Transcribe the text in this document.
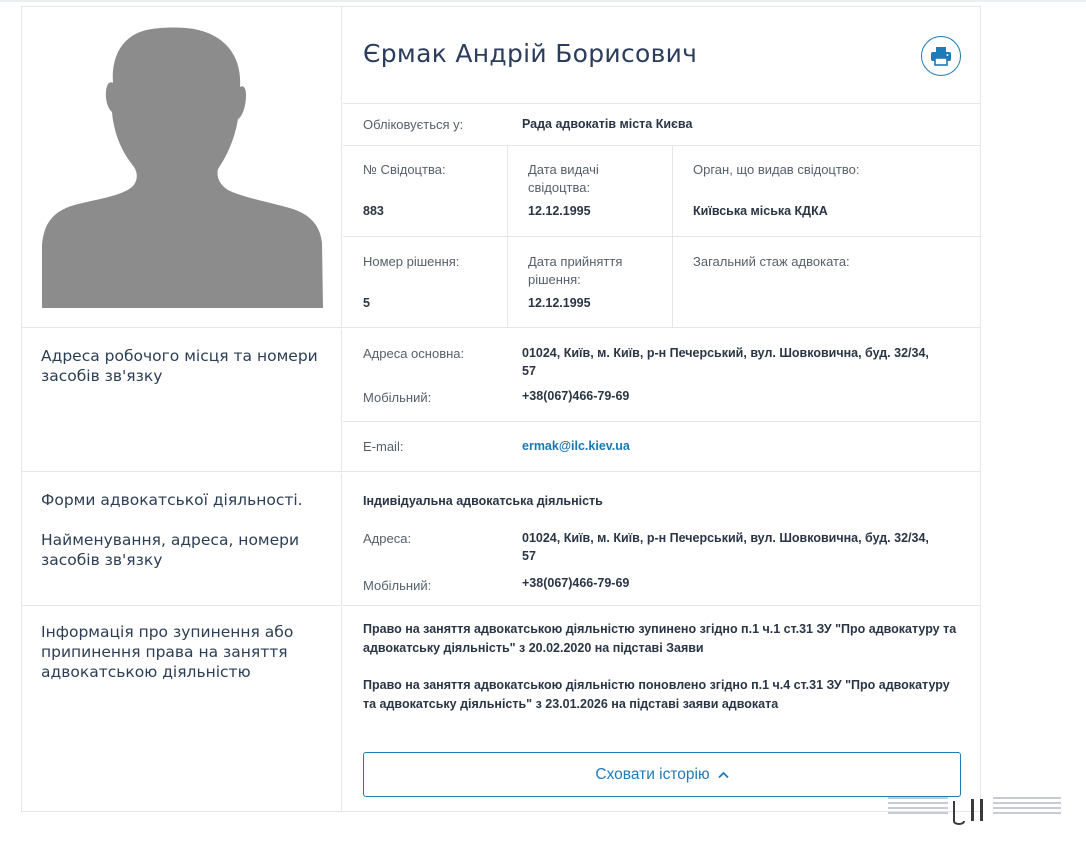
Єрмак Андрій Борисович
Обліковується у:	Рада адвокатів міста Києва
№ Свідоцтва:
883
Дата видачі свідоцтва:
12.12.1995
Орган, що видав свідоцтво:
Київська міська КДКА
Номер рішення:
5
Дата прийняття рішення:
12.12.1995
Загальний стаж адвоката:
Адреса робочого місця та номери засобів зв'язку
Адреса основна:	01024, Київ, м. Київ, р-н Печерський, вул. Шовковична, буд. 32/34, 57
Мобільний:	+38(067)466-79-69
E-mail:	ermak@ilc.kiev.ua
Форми адвокатської діяльності.
Найменування, адреса, номери засобів зв'язку
Індивідуальна адвокатська діяльність
Адреса:	01024, Київ, м. Київ, р-н Печерський, вул. Шовковична, буд. 32/34, 57
Мобільний:	+38(067)466-79-69
Інформація про зупинення або припинення права на заняття адвокатською діяльністю
Право на заняття адвокатською діяльністю зупинено згідно п.1 ч.1 ст.31 ЗУ "Про адвокатуру та адвокатську діяльність" з 20.02.2020 на підставі Заяви
Право на заняття адвокатською діяльністю поновлено згідно п.1 ч.4 ст.31 ЗУ "Про адвокатуру та адвокатську діяльність" з 23.01.2026 на підставі заяви адвоката
Сховати історію
